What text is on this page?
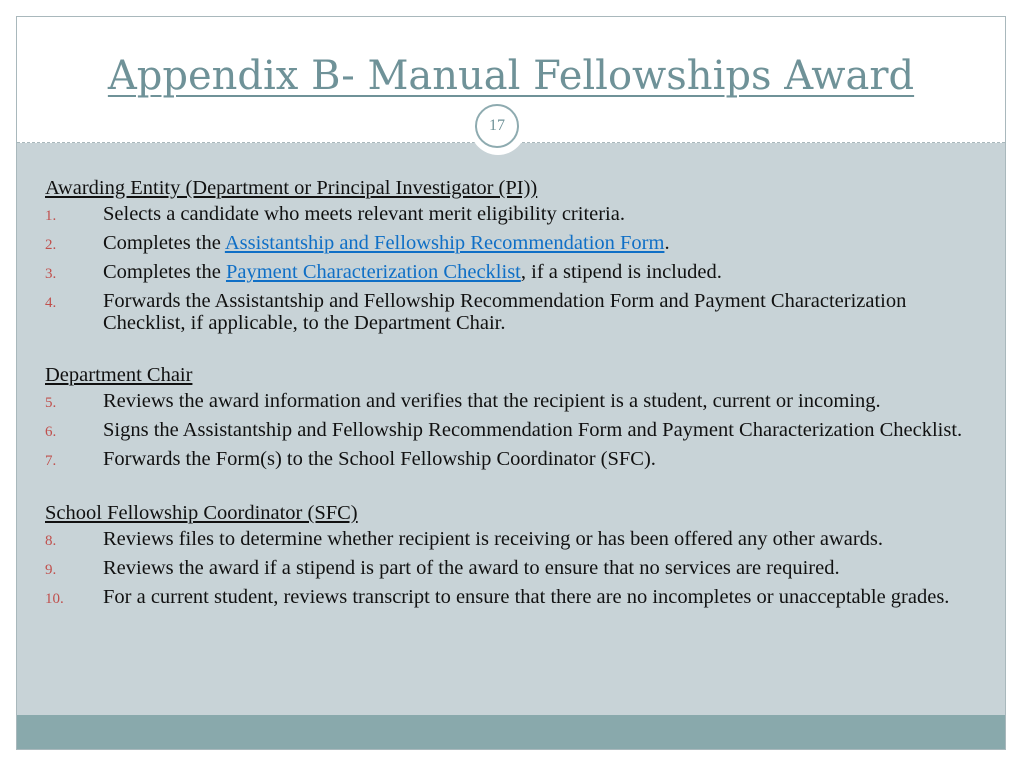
Appendix B- Manual Fellowships Award
Awarding Entity (Department or Principal Investigator (PI))
1.	Selects a candidate who meets relevant merit eligibility criteria.
2.	Completes the Assistantship and Fellowship Recommendation Form.
3.	Completes the Payment Characterization Checklist, if a stipend is included.
4.	Forwards the Assistantship and Fellowship Recommendation Form and Payment Characterization Checklist, if applicable, to the Department Chair.
Department Chair
5.	Reviews the award information and verifies that the recipient is a student, current or incoming.
6.	Signs the Assistantship and Fellowship Recommendation Form and Payment Characterization Checklist.
7.	Forwards the Form(s) to the School Fellowship Coordinator (SFC).
School Fellowship Coordinator (SFC)
8.	Reviews files to determine whether recipient is receiving or has been offered any other awards.
9.	Reviews the award if a stipend is part of the award to ensure that no services are required.
10.	For a current student, reviews transcript to ensure that there are no incompletes or unacceptable grades.
17
